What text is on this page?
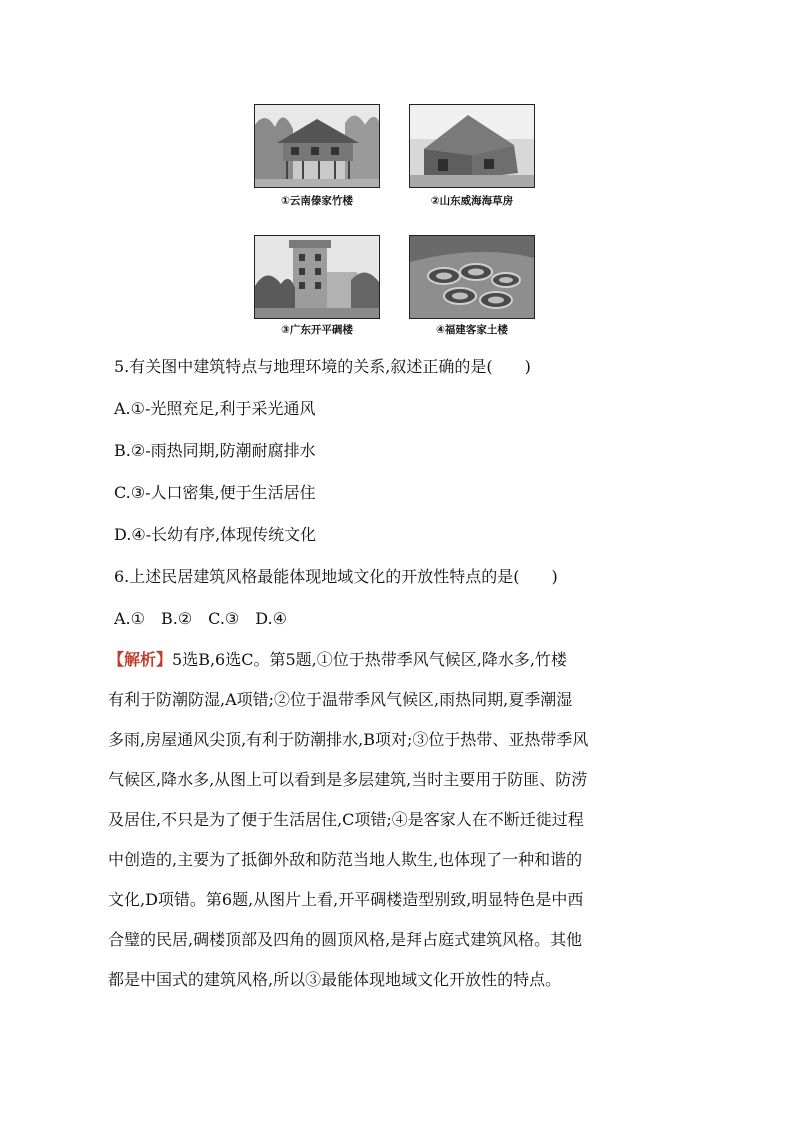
①云南傣家竹楼	②山东威海海草房
③广东开平碉楼	④福建客家土楼
5.有关图中建筑特点与地理环境的关系,叙述正确的是(　　)
A.①-光照充足,利于采光通风
B.②-雨热同期,防潮耐腐排水
C.③-人口密集,便于生活居住
D.④-长幼有序,体现传统文化
6.上述民居建筑风格最能体现地域文化的开放性特点的是(　　)
A.①　B.②　C.③　D.④
【解析】5选B,6选C。第5题,①位于热带季风气候区,降水多,竹楼
有利于防潮防湿,A项错;②位于温带季风气候区,雨热同期,夏季潮湿
多雨,房屋通风尖顶,有利于防潮排水,B项对;③位于热带、亚热带季风
气候区,降水多,从图上可以看到是多层建筑,当时主要用于防匪、防涝
及居住,不只是为了便于生活居住,C项错;④是客家人在不断迁徙过程
中创造的,主要为了抵御外敌和防范当地人欺生,也体现了一种和谐的
文化,D项错。第6题,从图片上看,开平碉楼造型别致,明显特色是中西
合璧的民居,碉楼顶部及四角的圆顶风格,是拜占庭式建筑风格。其他
都是中国式的建筑风格,所以③最能体现地域文化开放性的特点。
